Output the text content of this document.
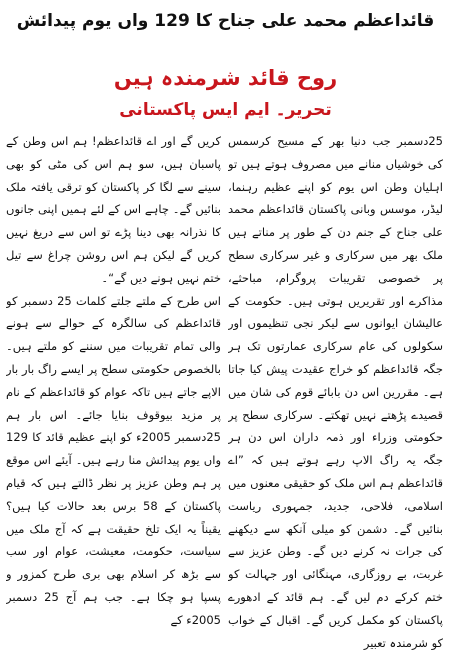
قائداعظم محمد علی جناح کا 129 واں یوم پیدائش
روح قائد شرمندہ ہیں
تحریر۔ ایم ایس پاکستانی

25دسمبر جب دنیا بھر کے مسیح کرسمس کی خوشیاں منانے میں مصروف ہوتے ہیں تو اہلیان وطن اس یوم کو اپنے عظیم رہنما، لیڈر، موسس وبانی پاکستان قائداعظم محمد علی جناح کے جنم دن کے طور پر مناتے ہیں ملک بھر میں سرکاری و غیر سرکاری سطح پر خصوصی تقریبات پروگرام، مباحثے، مذاکرے اور تقریریں ہوتی ہیں۔ حکومت کے عالیشان ایوانوں سے لیکر نجی تنظیموں اور سکولوں کی عام سرکاری عمارتوں تک ہر جگہ قائداعظم کو خراج عقیدت پیش کیا جاتا ہے۔ مقررین اس دن بابائے قوم کی شان میں قصیدے پڑھتے نہیں تھکتے۔ سرکاری سطح پر حکومتی وزراء اور ذمہ داران اس دن ہر جگہ یہ راگ الاپ رہے ہوتے ہیں کہ ”اے قائداعظم ہم اس ملک کو حقیقی معنوں میں اسلامی، فلاحی، جدید، جمہوری ریاست بنائیں گے۔ دشمن کو میلی آنکھ سے دیکھنے کی جرات نہ کرنے دیں گے۔ وطن عزیز سے غربت، بے روزگاری، مہنگائی اور جہالت کو ختم کرکے دم لیں گے۔ ہم قائد کے ادھورے پاکستان کو مکمل کریں گے۔ اقبال کے خواب کو شرمندہ تعبیر

کریں گے اور اے قائداعظم! ہم اس وطن کے پاسبان ہیں، سو ہم اس کی مٹی کو بھی سینے سے لگا کر پاکستان کو ترقی یافتہ ملک بنائیں گے۔ چاہے اس کے لئے ہمیں اپنی جانوں کا نذرانہ بھی دینا پڑے تو اس سے دریغ نہیں کریں گے لیکن ہم اس روشن چراغ سے تیل ختم نہیں ہونے دیں گے“۔

اس طرح کے ملتے جلتے کلمات 25 دسمبر کو قائداعظم کی سالگرہ کے حوالے سے ہونے والی تمام تقریبات میں سننے کو ملتے ہیں۔ بالخصوص حکومتی سطح پر ایسے راگ بار بار الاپے جاتے ہیں تاکہ عوام کو قائداعظم کے نام پر مزید بیوقوف بنایا جائے۔ اس بار ہم 25دسمبر 2005ء کو اپنے عظیم قائد کا 129 واں یوم پیدائش منا رہے ہیں۔ آیئے اس موقع پر ہم وطن عزیز پر نظر ڈالتے ہیں کہ قیام پاکستان کے 58 برس بعد حالات کیا ہیں؟ یقیناً یہ ایک تلخ حقیقت ہے کہ آج ملک میں سیاست، حکومت، معیشت، عوام اور سب سے بڑھ کر اسلام بھی بری طرح کمزور و پسپا ہو چکا ہے۔ جب ہم آج 25 دسمبر 2005ء کے
